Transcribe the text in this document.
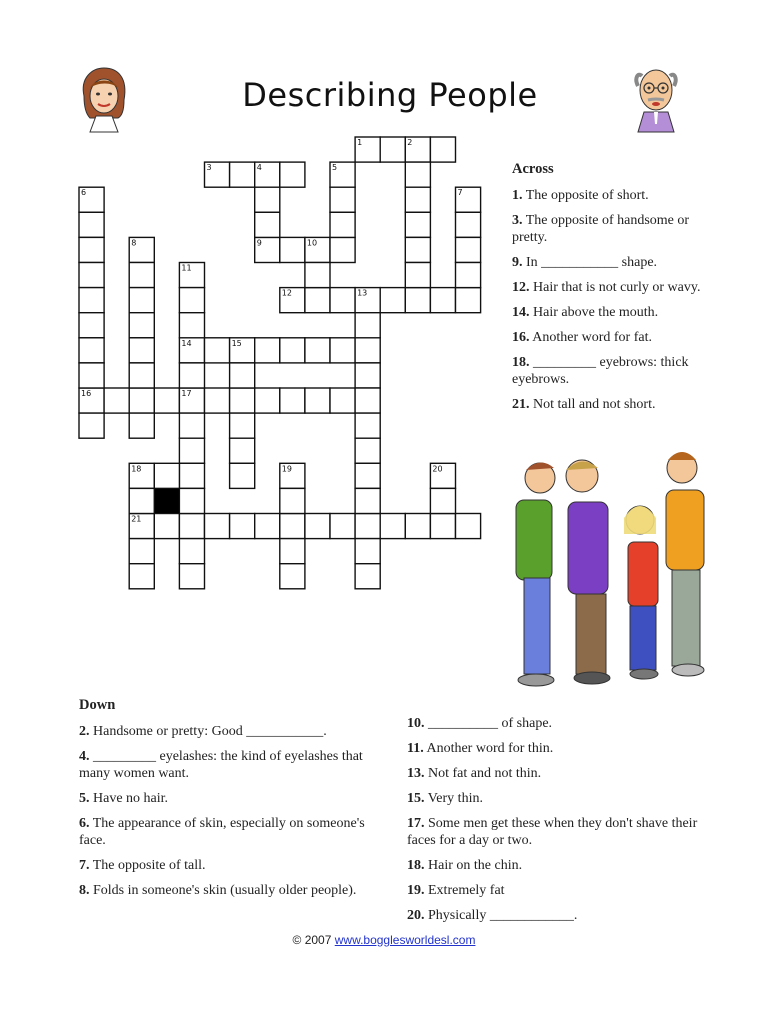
Describing People
1	2
3	4	5
6	7
8	9	10
11
12	13
14	15
16	17
18	19	20
21
Across
1. The opposite of short.
3. The opposite of handsome or pretty.
9. In ___________ shape.
12. Hair that is not curly or wavy.
14. Hair above the mouth.
16. Another word for fat.
18. _________ eyebrows: thick eyebrows.
21. Not tall and not short.
Down
2. Handsome or pretty: Good ___________.
4. _________ eyelashes: the kind of eyelashes that many women want.
5. Have no hair.
6. The appearance of skin, especially on someone's face.
7. The opposite of tall.
8. Folds in someone's skin (usually older people).
10. __________ of shape.
11. Another word for thin.
13. Not fat and not thin.
15. Very thin.
17. Some men get these when they don't shave their faces for a day or two.
18. Hair on the chin.
19. Extremely fat
20. Physically ____________.
© 2007 www.bogglesworldesl.com
